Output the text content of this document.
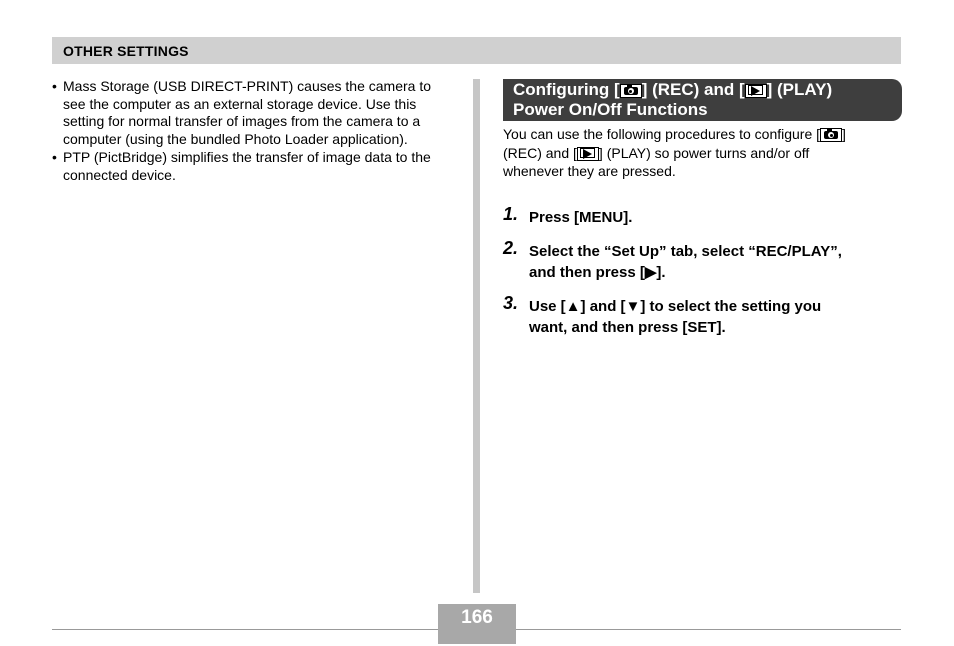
OTHER SETTINGS
• Mass Storage (USB DIRECT-PRINT) causes the camera to see the computer as an external storage device. Use this setting for normal transfer of images from the camera to a computer (using the bundled Photo Loader application).
• PTP (PictBridge) simplifies the transfer of image data to the connected device.
Configuring [ ] (REC) and [ ] (PLAY)
Power On/Off Functions
You can use the following procedures to configure [ ]
(REC) and [ ] (PLAY) so power turns and/or off
whenever they are pressed.
1. Press [MENU].
2. Select the “Set Up” tab, select “REC/PLAY”,
and then press [▶].
3. Use [▲] and [▼] to select the setting you
want, and then press [SET].
166
